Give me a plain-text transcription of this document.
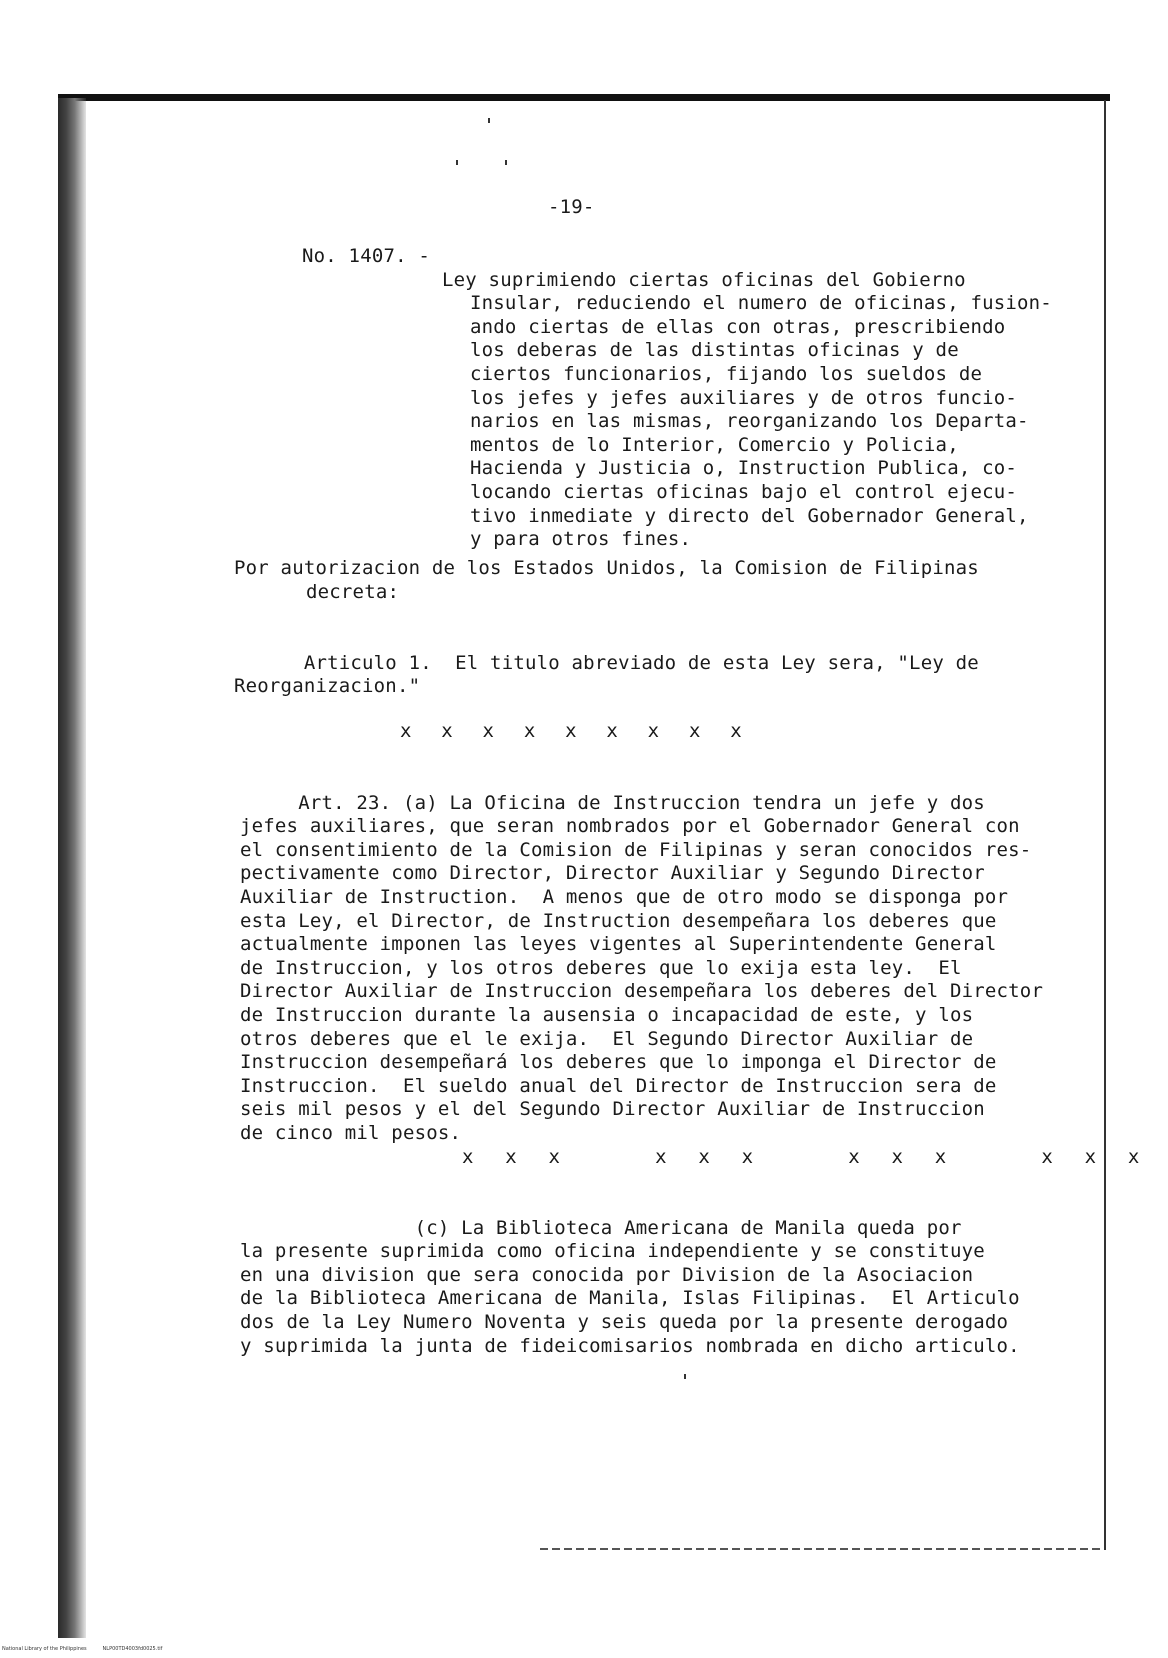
-19-
No. 1407. -

Ley suprimiendo ciertas oficinas del Gobierno
Insular, reduciendo el numero de oficinas, fusion-
ando ciertas de ellas con otras, prescribiendo
los deberas de las distintas oficinas y de
ciertos funcionarios, fijando los sueldos de
los jefes y jefes auxiliares y de otros funcio-
narios en las mismas, reorganizando los Departa-
mentos de lo Interior, Comercio y Policia,
Hacienda y Justicia o, Instruction Publica, co-
locando ciertas oficinas bajo el control ejecu-
tivo inmediate y directo del Gobernador General,
y para otros fines.
Por autorizacion de los Estados Unidos, la Comision de Filipinas
decreta:

Articulo 1.  El titulo abreviado de esta Ley sera, "Ley de
Reorganizacion."
x x x x x x x x x

Art. 23. (a) La Oficina de Instruccion tendra un jefe y dos
jefes auxiliares, que seran nombrados por el Gobernador General con
el consentimiento de la Comision de Filipinas y seran conocidos res-
pectivamente como Director, Director Auxiliar y Segundo Director
Auxiliar de Instruction.  A menos que de otro modo se disponga por
esta Ley, el Director, de Instruction desempeñara los deberes que
actualmente imponen las leyes vigentes al Superintendente General
de Instruccion, y los otros deberes que lo exija esta ley.  El
Director Auxiliar de Instruccion desempeñara los deberes del Director
de Instruccion durante la ausensia o incapacidad de este, y los
otros deberes que el le exija.  El Segundo Director Auxiliar de
Instruccion desempeñará los deberes que lo imponga el Director de
Instruccion.  El sueldo anual del Director de Instruccion sera de
seis mil pesos y el del Segundo Director Auxiliar de Instruccion
de cinco mil pesos.
x x x   x x x   x x x   x x x

(c) La Biblioteca Americana de Manila queda por
la presente suprimida como oficina independiente y se constituye
en una division que sera conocida por Division de la Asociacion
de la Biblioteca Americana de Manila, Islas Filipinas.  El Articulo
dos de la Ley Numero Noventa y seis queda por la presente derogado
y suprimida la junta de fideicomisarios nombrada en dicho articulo.
National Library of the Philippines	NLP00TD4003fd0025.tif
